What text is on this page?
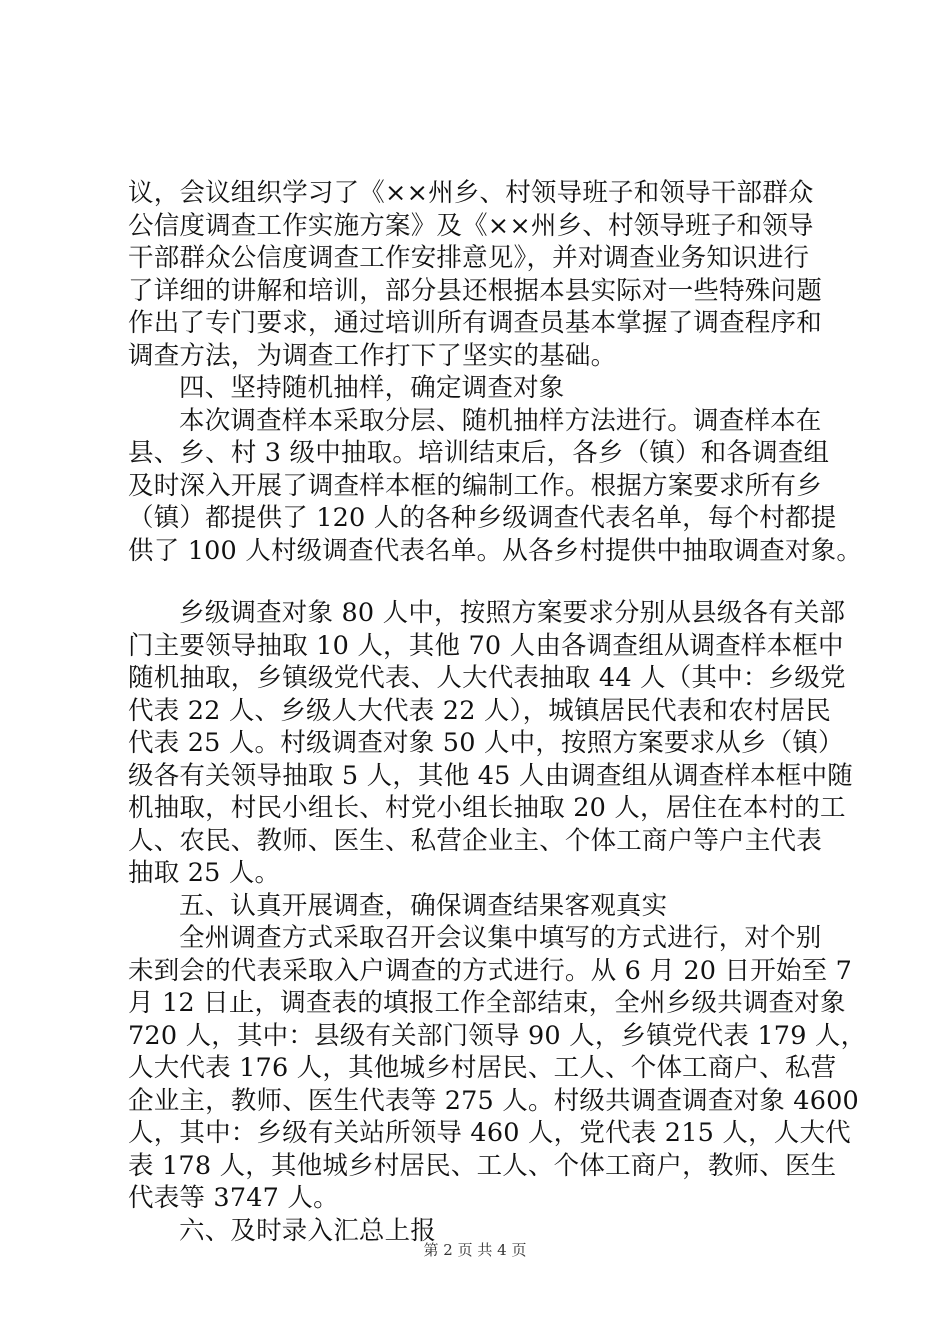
议，会议组织学习了《××州乡、村领导班子和领导干部群众
公信度调查工作实施方案》及《××州乡、村领导班子和领导
干部群众公信度调查工作安排意见》，并对调查业务知识进行
了详细的讲解和培训，部分县还根据本县实际对一些特殊问题
作出了专门要求，通过培训所有调查员基本掌握了调查程序和
调查方法，为调查工作打下了坚实的基础。
四、坚持随机抽样，确定调查对象
本次调查样本采取分层、随机抽样方法进行。调查样本在
县、乡、村 3 级中抽取。培训结束后，各乡（镇）和各调查组
及时深入开展了调查样本框的编制工作。根据方案要求所有乡
（镇）都提供了 120 人的各种乡级调查代表名单，每个村都提
供了 100 人村级调查代表名单。从各乡村提供中抽取调查对象。
乡级调查对象 80 人中，按照方案要求分别从县级各有关部
门主要领导抽取 10 人，其他 70 人由各调查组从调查样本框中
随机抽取，乡镇级党代表、人大代表抽取 44 人（其中：乡级党
代表 22 人、乡级人大代表 22 人），城镇居民代表和农村居民
代表 25 人。村级调查对象 50 人中，按照方案要求从乡（镇）
级各有关领导抽取 5 人，其他 45 人由调查组从调查样本框中随
机抽取，村民小组长、村党小组长抽取 20 人，居住在本村的工
人、农民、教师、医生、私营企业主、个体工商户等户主代表
抽取 25 人。
五、认真开展调查，确保调查结果客观真实
全州调查方式采取召开会议集中填写的方式进行，对个别
未到会的代表采取入户调查的方式进行。从 6 月 20 日开始至 7
月 12 日止，调查表的填报工作全部结束，全州乡级共调查对象
720 人，其中：县级有关部门领导 90 人，乡镇党代表 179 人，
人大代表 176 人，其他城乡村居民、工人、个体工商户、私营
企业主，教师、医生代表等 275 人。村级共调查调查对象 4600
人，其中：乡级有关站所领导 460 人，党代表 215 人，人大代
表 178 人，其他城乡村居民、工人、个体工商户，教师、医生
代表等 3747 人。
六、及时录入汇总上报
第 2 页 共 4 页
